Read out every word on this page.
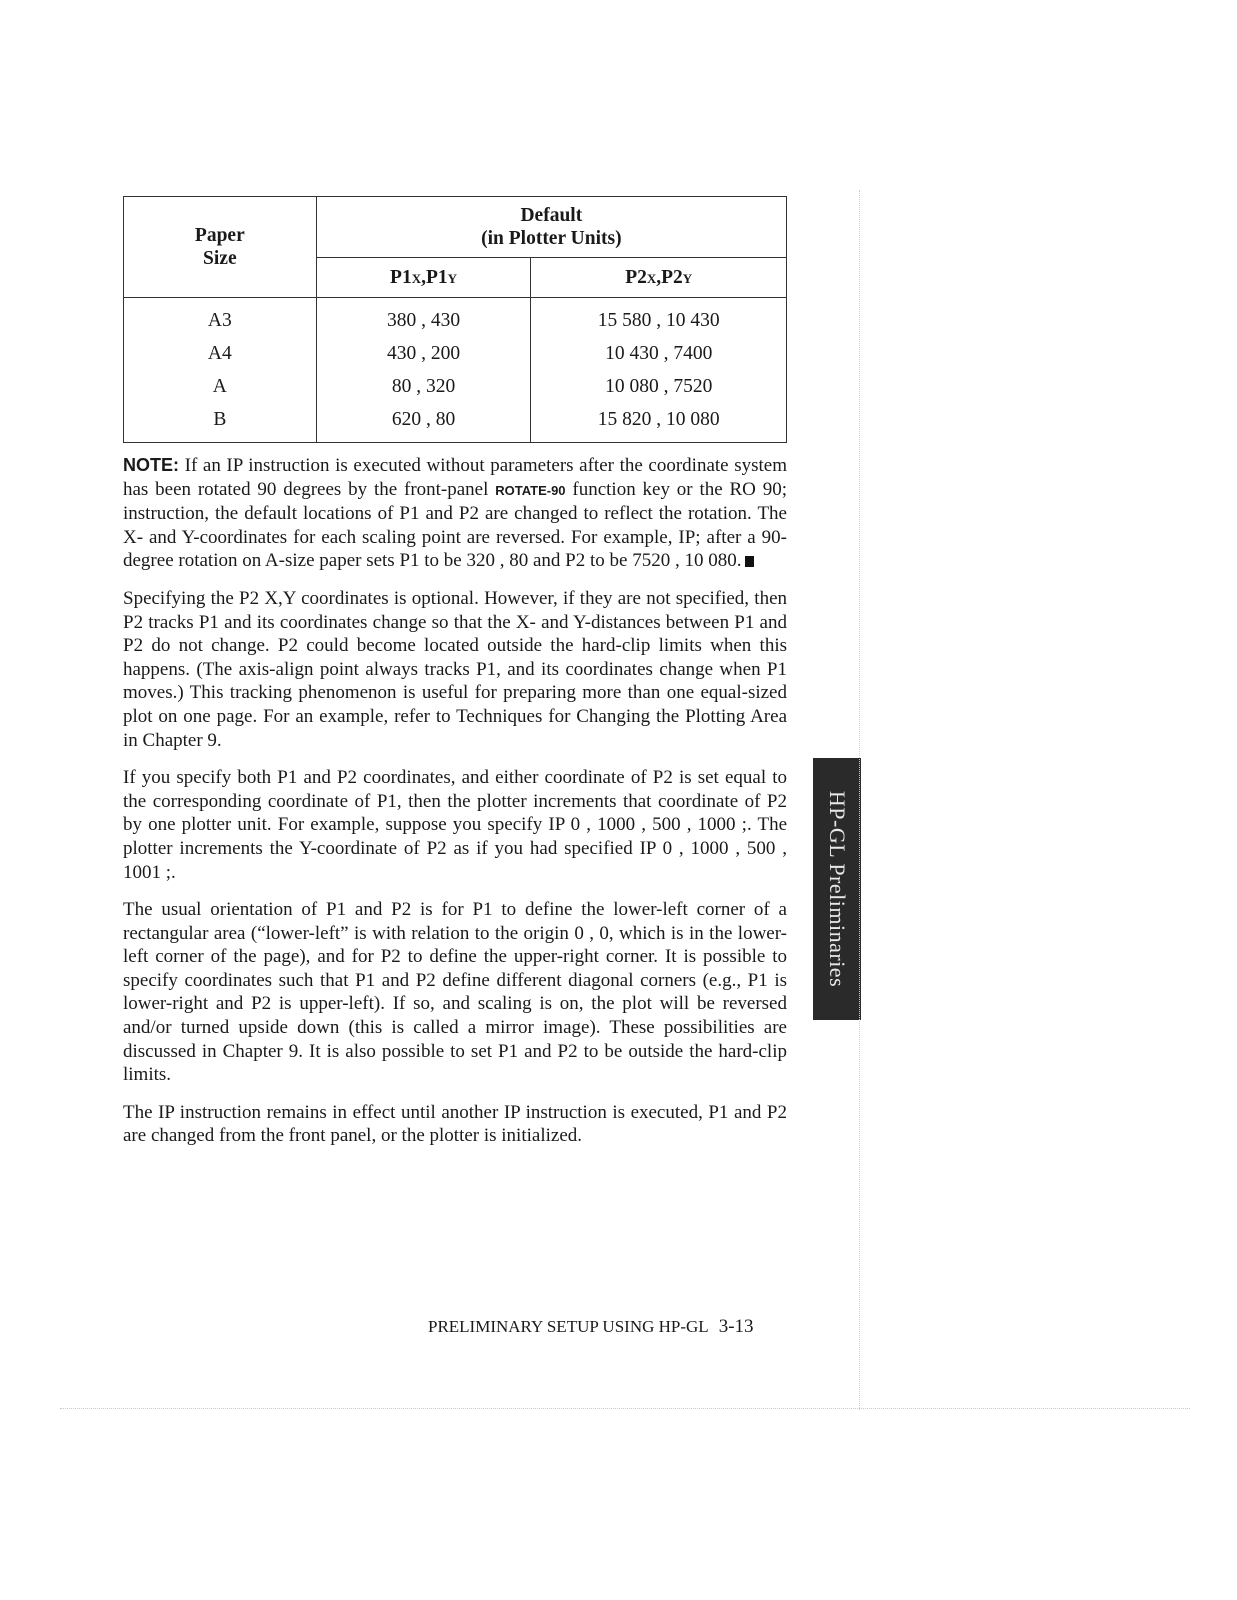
Paper
Size	Default
(in Plotter Units)	
	P1X,P1Y	P2X,P2Y
A3	380 , 430	15 580 , 10 430
A4	430 , 200	10 430 , 7400
A	80 , 320	10 080 , 7520
B	620 , 80	15 820 , 10 080

NOTE: If an IP instruction is executed without parameters after the coordinate system has been rotated 90 degrees by the front-panel ROTATE-90 function key or the RO 90; instruction, the default locations of P1 and P2 are changed to reflect the rotation. The X- and Y-coordinates for each scaling point are reversed. For example, IP; after a 90-degree rotation on A-size paper sets P1 to be 320 , 80 and P2 to be 7520 , 10 080.

Specifying the P2 X,Y coordinates is optional. However, if they are not specified, then P2 tracks P1 and its coordinates change so that the X- and Y-distances between P1 and P2 do not change. P2 could become located outside the hard-clip limits when this happens. (The axis-align point always tracks P1, and its coordinates change when P1 moves.) This tracking phenomenon is useful for preparing more than one equal-sized plot on one page. For an example, refer to Techniques for Changing the Plotting Area in Chapter 9.

If you specify both P1 and P2 coordinates, and either coordinate of P2 is set equal to the corresponding coordinate of P1, then the plotter increments that coordinate of P2 by one plotter unit. For example, suppose you specify IP 0 , 1000 , 500 , 1000 ;. The plotter increments the Y-coordinate of P2 as if you had specified IP 0 , 1000 , 500 , 1001 ;.

The usual orientation of P1 and P2 is for P1 to define the lower-left corner of a rectangular area (“lower-left” is with relation to the origin 0 , 0, which is in the lower-left corner of the page), and for P2 to define the upper-right corner. It is possible to specify coordinates such that P1 and P2 define different diagonal corners (e.g., P1 is lower-right and P2 is upper-left). If so, and scaling is on, the plot will be reversed and/or turned upside down (this is called a mirror image). These possibilities are discussed in Chapter 9. It is also possible to set P1 and P2 to be outside the hard-clip limits.

The IP instruction remains in effect until another IP instruction is executed, P1 and P2 are changed from the front panel, or the plotter is initialized.

HP-GL Preliminaries
PRELIMINARY SETUP USING HP-GL 3-13
